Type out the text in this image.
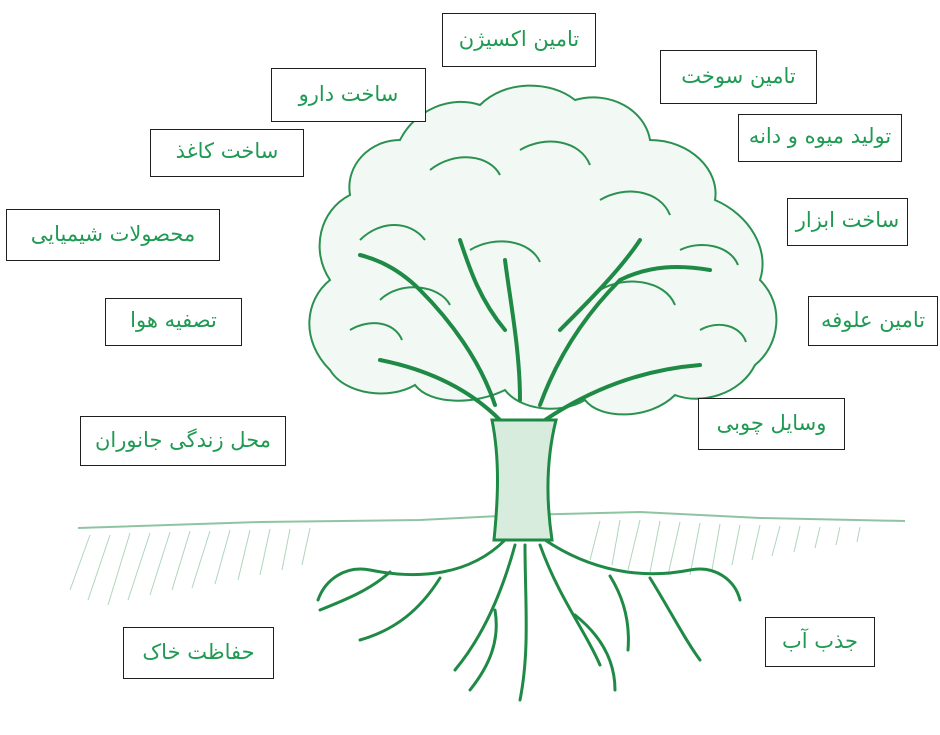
تامین اکسیژن
تامین سوخت
ساخت دارو
تولید میوه و دانه
ساخت کاغذ
ساخت ابزار
محصولات شیمیایی
تصفیه هوا	تامین علوفه
وسایل چوبی
محل زندگی جانوران
حفاظت خاک	جذب آب
